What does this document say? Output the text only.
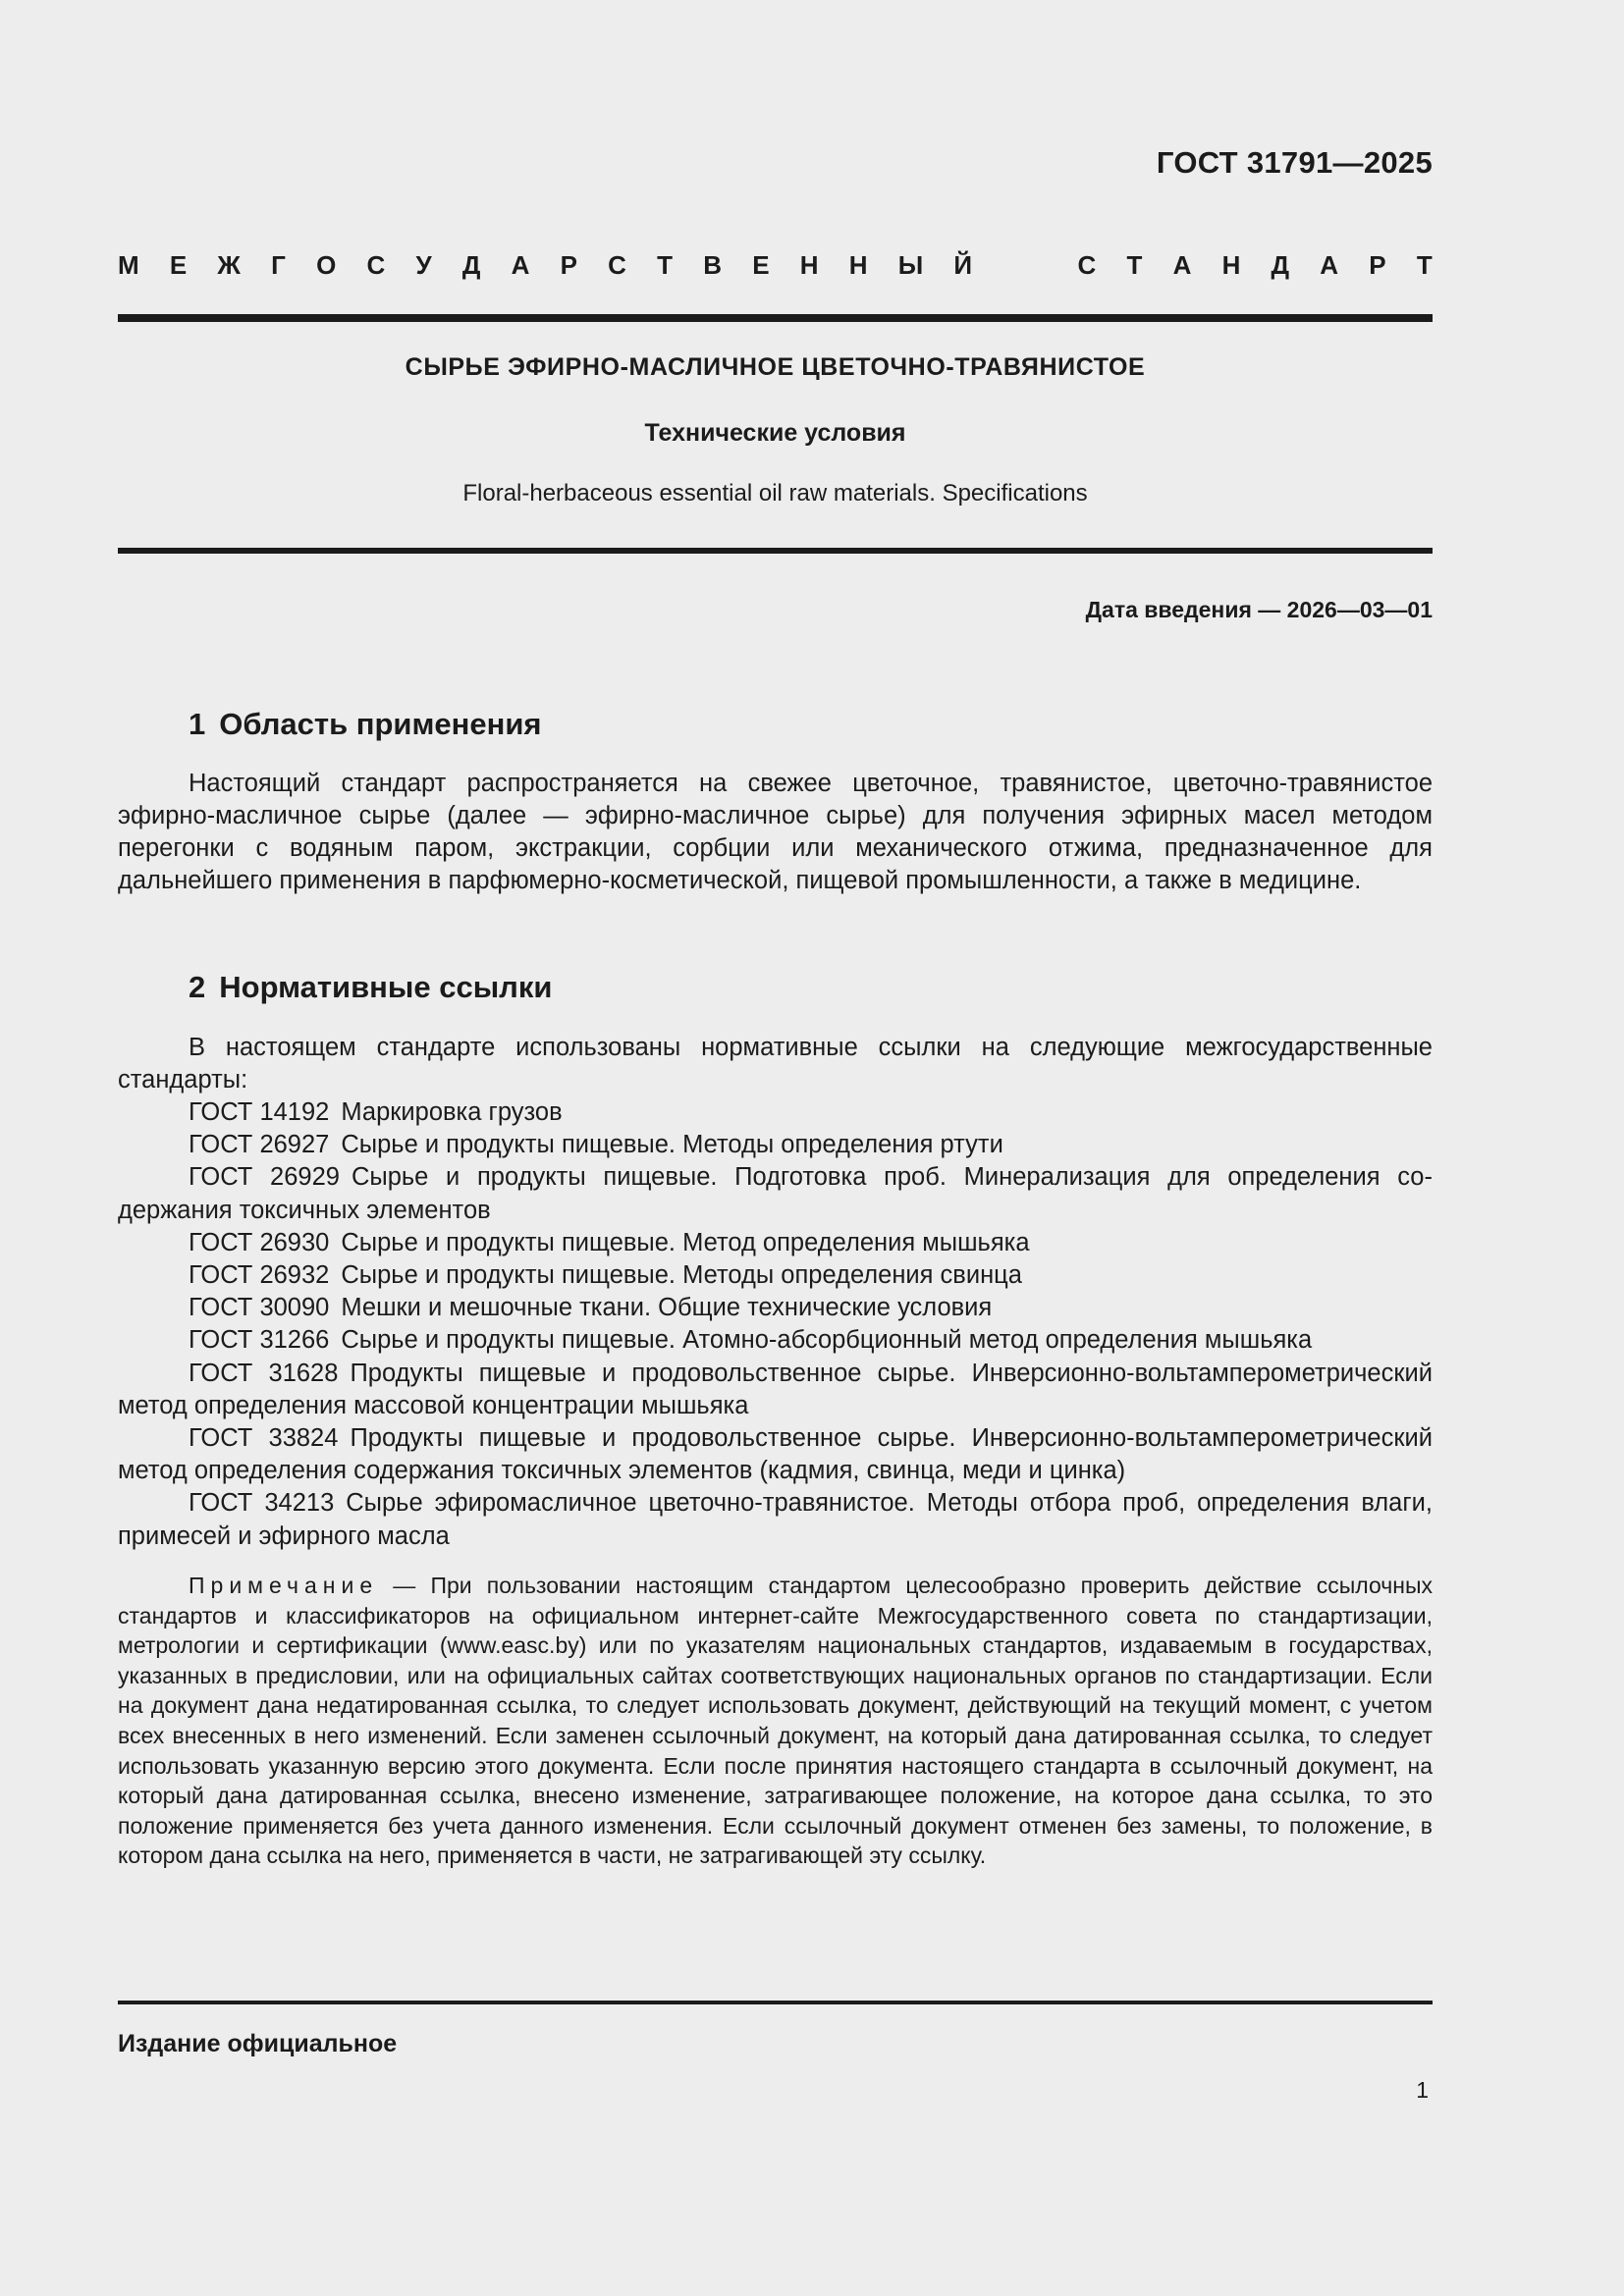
ГОСТ 31791—2025
М Е Ж Г О С У Д А Р С Т В Е Н Н Ы Й	С Т А Н Д А Р Т
СЫРЬЕ ЭФИРНО-МАСЛИЧНОЕ ЦВЕТОЧНО-ТРАВЯНИСТОЕ
Технические условия
Floral-herbaceous essential oil raw materials. Specifications
Дата введения — 2026—03—01
1 Область применения

Настоящий стандарт распространяется на свежее цветочное, травянистое, цветочно-травянистое эфирно-масличное сырье (далее — эфирно-масличное сырье) для получения эфирных масел методом перегонки с водяным паром, экстракции, сорбции или механического отжима, предназначенное для дальнейшего применения в парфюмерно-косметической, пищевой промышленности, а также в медицине.

2 Нормативные ссылки

В настоящем стандарте использованы нормативные ссылки на следующие межгосударственные стандарты:

ГОСТ 14192 Маркировка грузов
ГОСТ 26927 Сырье и продукты пищевые. Методы определения ртути
ГОСТ 26929 Сырье и продукты пищевые. Подготовка проб. Минерализация для определения содержания токсичных элементов
ГОСТ 26930 Сырье и продукты пищевые. Метод определения мышьяка
ГОСТ 26932 Сырье и продукты пищевые. Методы определения свинца
ГОСТ 30090 Мешки и мешочные ткани. Общие технические условия
ГОСТ 31266 Сырье и продукты пищевые. Атомно-абсорбционный метод определения мышьяка
ГОСТ 31628 Продукты пищевые и продовольственное сырье. Инверсионно-вольтамперометрический метод определения массовой концентрации мышьяка
ГОСТ 33824 Продукты пищевые и продовольственное сырье. Инверсионно-вольтамперометрический метод определения содержания токсичных элементов (кадмия, свинца, меди и цинка)
ГОСТ 34213 Сырье эфиромасличное цветочно-травянистое. Методы отбора проб, определения влаги, примесей и эфирного масла

Примечание — При пользовании настоящим стандартом целесообразно проверить действие ссылочных стандартов и классификаторов на официальном интернет-сайте Межгосударственного совета по стандартизации, метрологии и сертификации (www.easc.by) или по указателям национальных стандартов, издаваемым в государствах, указанных в предисловии, или на официальных сайтах соответствующих национальных органов по стандартизации. Если на документ дана недатированная ссылка, то следует использовать документ, действующий на текущий момент, с учетом всех внесенных в него изменений. Если заменен ссылочный документ, на который дана датированная ссылка, то следует использовать указанную версию этого документа. Если после принятия настоящего стандарта в ссылочный документ, на который дана датированная ссылка, внесено изменение, затрагивающее положение, на которое дана ссылка, то это положение применяется без учета данного изменения. Если ссылочный документ отменен без замены, то положение, в котором дана ссылка на него, применяется в части, не затрагивающей эту ссылку.

Издание официальное
1
